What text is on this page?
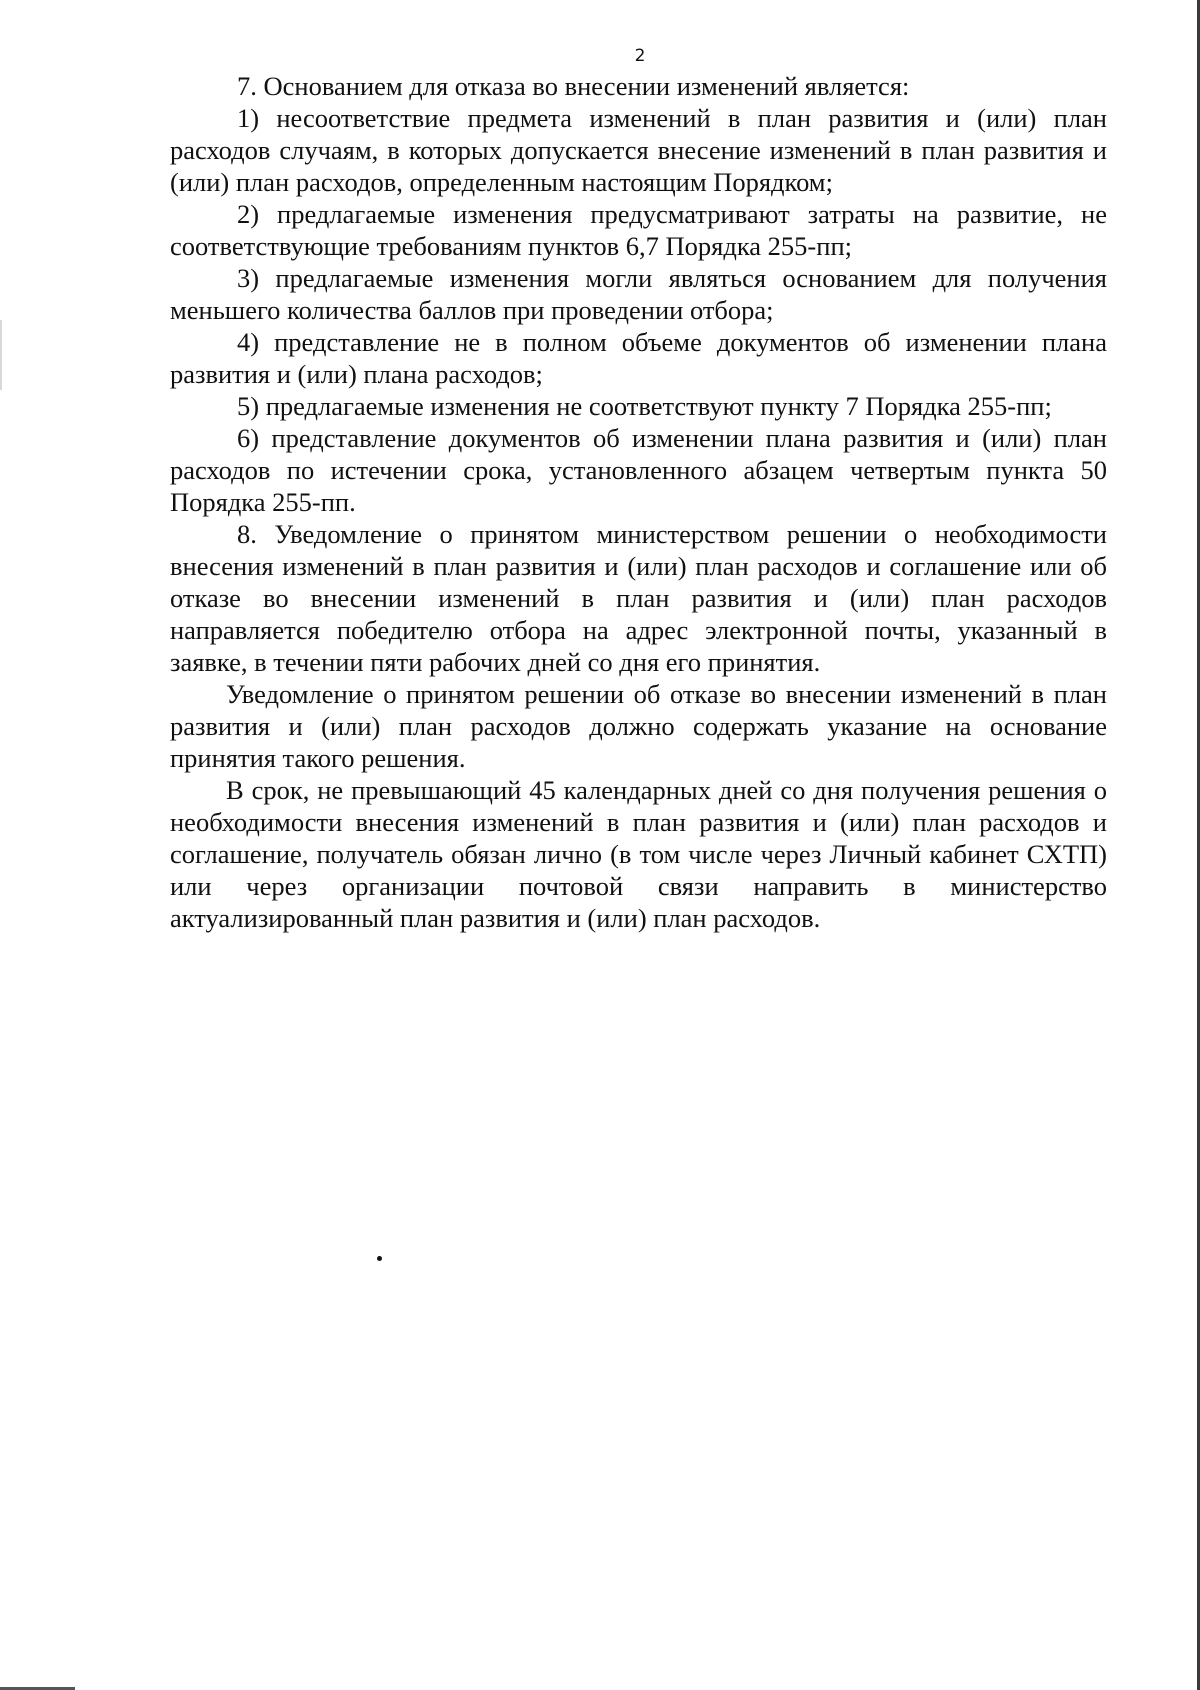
2

7. Основанием для отказа во внесении изменений является:

1) несоответствие предмета изменений в план развития и (или) план расходов случаям, в которых допускается внесение изменений в план развития и (или) план расходов, определенным настоящим Порядком;

2) предлагаемые изменения предусматривают затраты на развитие, не соответствующие требованиям пунктов 6,7 Порядка 255-пп;

3) предлагаемые изменения могли являться основанием для получения меньшего количества баллов при проведении отбора;

4) представление не в полном объеме документов об изменении плана развития и (или) плана расходов;

5) предлагаемые изменения не соответствуют пункту 7 Порядка 255-пп;

6) представление документов об изменении плана развития и (или) план расходов по истечении срока, установленного абзацем четвертым пункта 50 Порядка 255-пп.

8. Уведомление о принятом министерством решении о необходимости внесения изменений в план развития и (или) план расходов и соглашение или об отказе во внесении изменений в план развития и (или) план расходов направляется победителю отбора на адрес электронной почты, указанный в заявке, в течении пяти рабочих дней со дня его принятия.

Уведомление о принятом решении об отказе во внесении изменений в план развития и (или) план расходов должно содержать указание на основание принятия такого решения.

В срок, не превышающий 45 календарных дней со дня получения решения о необходимости внесения изменений в план развития и (или) план расходов и соглашение, получатель обязан лично (в том числе через Личный кабинет СХТП) или через организации почтовой связи направить в министерство актуализированный план развития и (или) план расходов.
